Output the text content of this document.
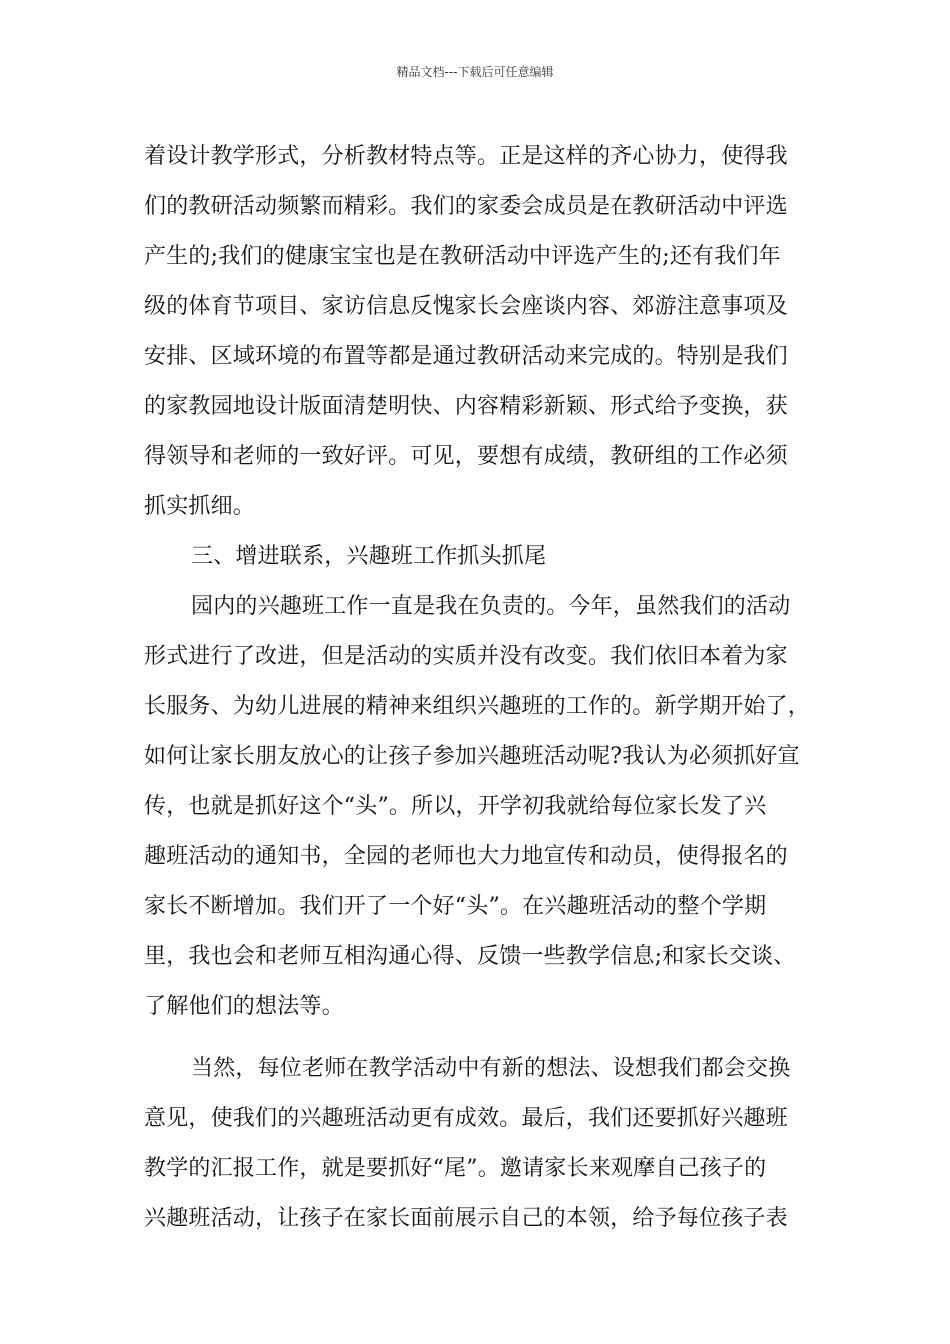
精品文档---下载后可任意编辑
着设计教学形式，分析教材特点等。正是这样的齐心协力，使得我
们的教研活动频繁而精彩。我们的家委会成员是在教研活动中评选
产生的;我们的健康宝宝也是在教研活动中评选产生的;还有我们年
级的体育节项目、家访信息反愧家长会座谈内容、郊游注意事项及
安排、区域环境的布置等都是通过教研活动来完成的。特别是我们
的家教园地设计版面清楚明快、内容精彩新颖、形式给予变换，获
得领导和老师的一致好评。可见，要想有成绩，教研组的工作必须
抓实抓细。
三、增进联系，兴趣班工作抓头抓尾
园内的兴趣班工作一直是我在负责的。今年，虽然我们的活动
形式进行了改进，但是活动的实质并没有改变。我们依旧本着为家
长服务、为幼儿进展的精神来组织兴趣班的工作的。新学期开始了，
如何让家长朋友放心的让孩子参加兴趣班活动呢?我认为必须抓好宣
传，也就是抓好这个“头”。所以，开学初我就给每位家长发了兴
趣班活动的通知书，全园的老师也大力地宣传和动员，使得报名的
家长不断增加。我们开了一个好“头”。在兴趣班活动的整个学期
里，我也会和老师互相沟通心得、反馈一些教学信息;和家长交谈、
了解他们的想法等。
当然，每位老师在教学活动中有新的想法、设想我们都会交换
意见，使我们的兴趣班活动更有成效。最后，我们还要抓好兴趣班
教学的汇报工作，就是要抓好“尾”。邀请家长来观摩自己孩子的
兴趣班活动，让孩子在家长面前展示自己的本领，给予每位孩子表
